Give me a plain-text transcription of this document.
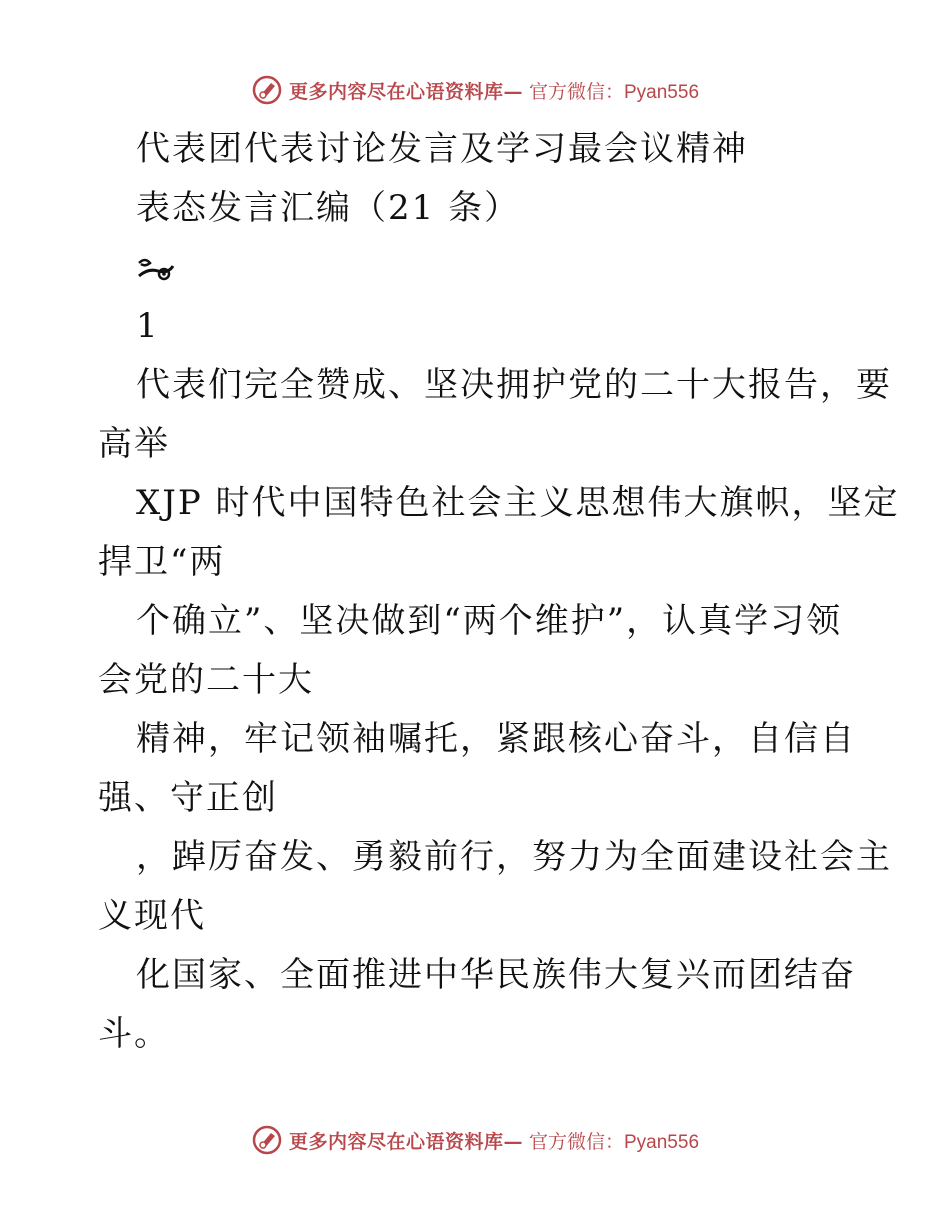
更多内容尽在心语资料库— 官方微信：Pyan556
代表团代表讨论发言及学习最会议精神
表态发言汇编（21 条）
1
代表们完全赞成、坚决拥护党的二十大报告，要
高举
XJP 时代中国特色社会主义思想伟大旗帜，坚定
捍卫“两
个确立”、坚决做到“两个维护”，认真学习领
会党的二十大
精神，牢记领袖嘱托，紧跟核心奋斗，自信自
强、守正创
，踔厉奋发、勇毅前行，努力为全面建设社会主
义现代
化国家、全面推进中华民族伟大复兴而团结奋
斗。
更多内容尽在心语资料库— 官方微信：Pyan556
